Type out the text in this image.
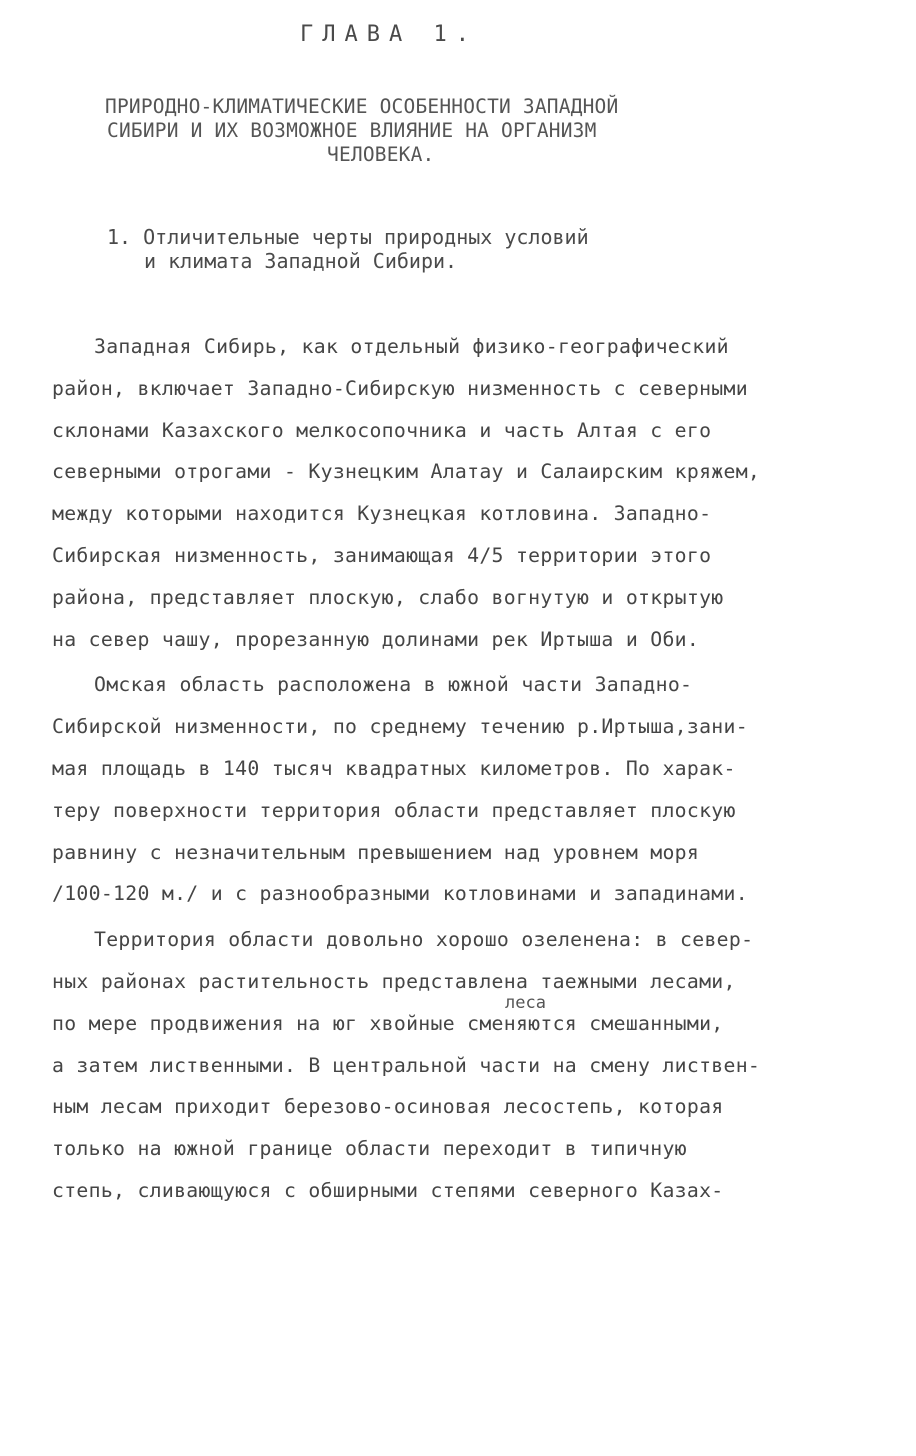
ГЛАВА 1.
ПРИРОДНО-КЛИМАТИЧЕСКИЕ ОСОБЕННОСТИ ЗАПАДНОЙ
СИБИРИ И ИХ ВОЗМОЖНОЕ ВЛИЯНИЕ НА ОРГАНИЗМ
ЧЕЛОВЕКА.
1. Отличительные черты природных условий
и климата Западной Сибири.
Западная Сибирь, как отдельный физико-географический
район, включает Западно-Сибирскую низменность с северными
склонами Казахского мелкосопочника и часть Алтая с его
северными отрогами - Кузнецким Алатау и Салаирским кряжем,
между которыми находится Кузнецкая котловина. Западно-
Сибирская низменность, занимающая 4/5 территории этого
района, представляет плоскую, слабо вогнутую и открытую
на север чашу, прорезанную долинами рек Иртыша и Оби.
Омская область расположена в южной части Западно-
Сибирской низменности, по среднему течению р.Иртыша,зани-
мая площадь в 140 тысяч квадратных километров. По харак-
теру поверхности территория области представляет плоскую
равнину с незначительным превышением над уровнем моря
/100-120 м./ и с разнообразными котловинами и западинами.
Территория области довольно хорошо озеленена: в север-
ных районах растительность представлена таежными лесами,
по мере продвижения на юг хвойные сменяются смешанными,
а затем лиственными. В центральной части на смену листвен-
ным лесам приходит березово-осиновая лесостепь, которая
только на южной границе области переходит в типичную
степь, сливающуюся с обширными степями северного Казах-
леса
